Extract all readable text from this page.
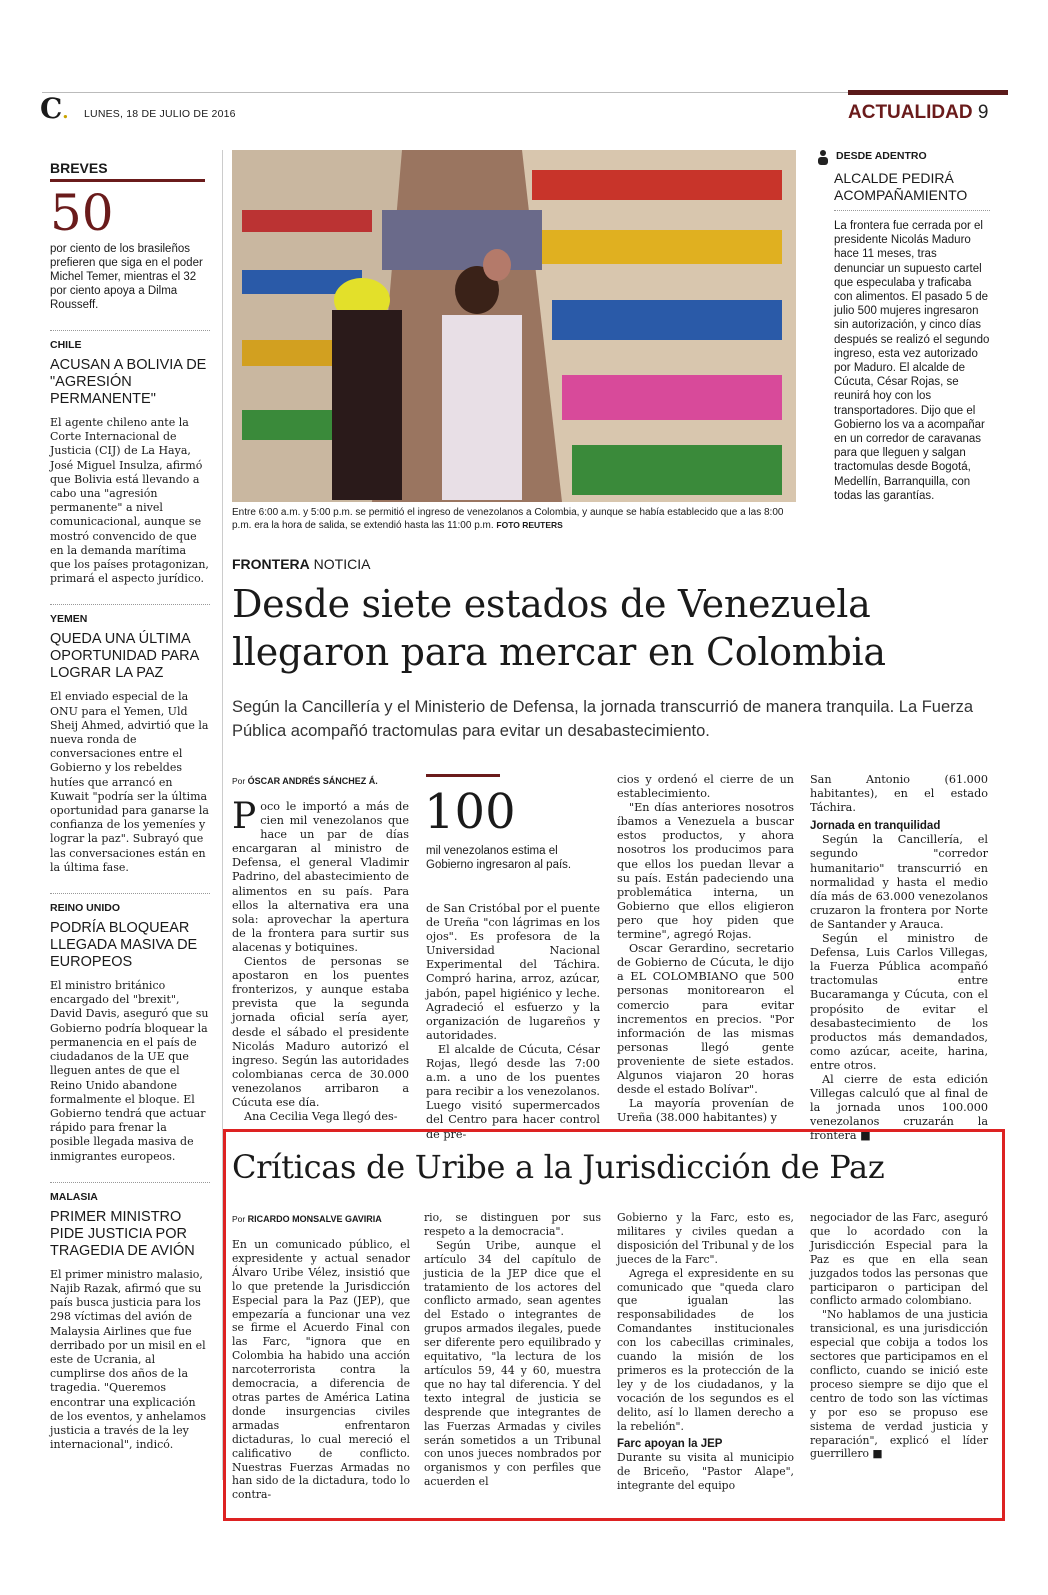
C. LUNES, 18 DE JULIO DE 2016	ACTUALIDAD 9
BREVES
50
por ciento de los brasileños prefieren que siga en el poder Michel Temer, mientras el 32 por ciento apoya a Dilma Rousseff.
CHILE
ACUSAN A BOLIVIA DE "AGRESIÓN PERMANENTE"
El agente chileno ante la Corte Internacional de Justicia (CIJ) de La Haya, José Miguel Insulza, afirmó que Bolivia está llevando a cabo una "agresión permanente" a nivel comunicacional, aunque se mostró convencido de que en la demanda marítima que los países protagonizan, primará el aspecto jurídico.
YEMEN
QUEDA UNA ÚLTIMA OPORTUNIDAD PARA LOGRAR LA PAZ
El enviado especial de la ONU para el Yemen, Uld Sheij Ahmed, advirtió que la nueva ronda de conversaciones entre el Gobierno y los rebeldes hutíes que arrancó en Kuwait "podría ser la última oportunidad para ganarse la confianza de los yemeníes y lograr la paz". Subrayó que las conversaciones están en la última fase.
REINO UNIDO
PODRÍA BLOQUEAR LLEGADA MASIVA DE EUROPEOS
El ministro británico encargado del "brexit", David Davis, aseguró que su Gobierno podría bloquear la permanencia en el país de ciudadanos de la UE que lleguen antes de que el Reino Unido abandone formalmente el bloque. El Gobierno tendrá que actuar rápido para frenar la posible llegada masiva de inmigrantes europeos.
MALASIA
PRIMER MINISTRO PIDE JUSTICIA POR TRAGEDIA DE AVIÓN
El primer ministro malasio, Najib Razak, afirmó que su país busca justicia para los 298 víctimas del avión de Malaysia Airlines que fue derribado por un misil en el este de Ucrania, al cumplirse dos años de la tragedia. "Queremos encontrar una explicación de los eventos, y anhelamos justicia a través de la ley internacional", indicó.
Entre 6:00 a.m. y 5:00 p.m. se permitió el ingreso de venezolanos a Colombia, y aunque se había establecido que a las 8:00 p.m. era la hora de salida, se extendió hasta las 11:00 p.m. FOTO REUTERS
DESDE ADENTRO
ALCALDE PEDIRÁ ACOMPAÑAMIENTO
La frontera fue cerrada por el presidente Nicolás Maduro hace 11 meses, tras denunciar un supuesto cartel que especulaba y traficaba con alimentos. El pasado 5 de julio 500 mujeres ingresaron sin autorización, y cinco días después se realizó el segundo ingreso, esta vez autorizado por Maduro. El alcalde de Cúcuta, César Rojas, se reunirá hoy con los transportadores. Dijo que el Gobierno los va a acompañar en un corredor de caravanas para que lleguen y salgan tractomulas desde Bogotá, Medellín, Barranquilla, con todas las garantías.
FRONTERA NOTICIA
Desde siete estados de Venezuela llegaron para mercar en Colombia
Según la Cancillería y el Ministerio de Defensa, la jornada transcurrió de manera tranquila. La Fuerza Pública acompañó tractomulas para evitar un desabastecimiento.
Por ÓSCAR ANDRÉS SÁNCHEZ Á.
P oco le importó a más de cien mil venezolanos que hace un par de días encargaran al ministro de Defensa, el general Vladimir Padrino, del abastecimiento de alimentos en su país. Para ellos la alternativa era una sola: aprovechar la apertura de la frontera para surtir sus alacenas y botiquines.

Cientos de personas se apostaron en los puentes fronterizos, y aunque estaba prevista que la segunda jornada oficial sería ayer, desde el sábado el presidente Nicolás Maduro autorizó el ingreso. Según las autoridades colombianas cerca de 30.000 venezolanos arribaron a Cúcuta ese día.

Ana Cecilia Vega llegó des-

100
mil venezolanos estima el Gobierno ingresaron al país.

de San Cristóbal por el puente de Ureña "con lágrimas en los ojos". Es profesora de la Universidad Nacional Experimental del Táchira. Compró harina, arroz, azúcar, jabón, papel higiénico y leche. Agradeció el esfuerzo y la organización de lugareños y autoridades.

El alcalde de Cúcuta, César Rojas, llegó desde las 7:00 a.m. a uno de los puentes para recibir a los venezolanos. Luego visitó supermercados del Centro para hacer control de pre-

cios y ordenó el cierre de un establecimiento.

"En días anteriores nosotros íbamos a Venezuela a buscar estos productos, y ahora nosotros los producimos para que ellos los puedan llevar a su país. Están padeciendo una problemática interna, un Gobierno que ellos eligieron pero que hoy piden que termine", agregó Rojas.

Oscar Gerardino, secretario de Gobierno de Cúcuta, le dijo a EL COLOMBIANO que 500 personas monitorearon el comercio para evitar incrementos en precios. "Por información de las mismas personas llegó gente proveniente de siete estados. Algunos viajaron 20 horas desde el estado Bolívar".

La mayoría provenían de Ureña (38.000 habitantes) y

San Antonio (61.000 habitantes), en el estado Táchira.

Jornada en tranquilidad

Según la Cancillería, el segundo "corredor humanitario" transcurrió en normalidad y hasta el medio día más de 63.000 venezolanos cruzaron la frontera por Norte de Santander y Arauca.

Según el ministro de Defensa, Luis Carlos Villegas, la Fuerza Pública acompañó tractomulas entre Bucaramanga y Cúcuta, con el propósito de evitar el desabastecimiento de los productos más demandados, como azúcar, aceite, harina, entre otros.

Al cierre de esta edición Villegas calculó que al final de la jornada unos 100.000 venezolanos cruzarán la frontera ■

Críticas de Uribe a la Jurisdicción de Paz
Por RICARDO MONSALVE GAVIRIA

En un comunicado público, el expresidente y actual senador Álvaro Uribe Vélez, insistió que lo que pretende la Jurisdicción Especial para la Paz (JEP), que empezaría a funcionar una vez se firme el Acuerdo Final con las Farc, "ignora que en Colombia ha habido una acción narcoterrorista contra la democracia, a diferencia de otras partes de América Latina donde insurgencias civiles armadas enfrentaron dictaduras, lo cual mereció el calificativo de conflicto. Nuestras Fuerzas Armadas no han sido de la dictadura, todo lo contra-

rio, se distinguen por sus respeto a la democracia".

Según Uribe, aunque el artículo 34 del capítulo de justicia de la JEP dice que el tratamiento de los actores del conflicto armado, sean agentes del Estado o integrantes de grupos armados ilegales, puede ser diferente pero equilibrado y equitativo, "la lectura de los artículos 59, 44 y 60, muestra que no hay tal diferencia. Y del texto integral de justicia se desprende que integrantes de las Fuerzas Armadas y civiles serán sometidos a un Tribunal con unos jueces nombrados por organismos y con perfiles que acuerden el

Gobierno y la Farc, esto es, militares y civiles quedan a disposición del Tribunal y de los jueces de la Farc".

Agrega el expresidente en su comunicado que "queda claro que igualan las responsabilidades de los Comandantes institucionales con los cabecillas criminales, cuando la misión de los primeros es la protección de la ley y de los ciudadanos, y la vocación de los segundos es el delito, así lo llamen derecho a la rebelión".

Farc apoyan la JEP

Durante su visita al municipio de Briceño, "Pastor Alape", integrante del equipo

negociador de las Farc, aseguró que lo acordado con la Jurisdicción Especial para la Paz es que en ella sean juzgados todos las personas que participaron o participan del conflicto armado colombiano.

"No hablamos de una justicia transicional, es una jurisdicción especial que cobija a todos los sectores que participamos en el conflicto, cuando se inició este proceso siempre se dijo que el centro de todo son las víctimas y por eso se propuso ese sistema de verdad justicia y reparación", explicó el líder guerrillero ■
